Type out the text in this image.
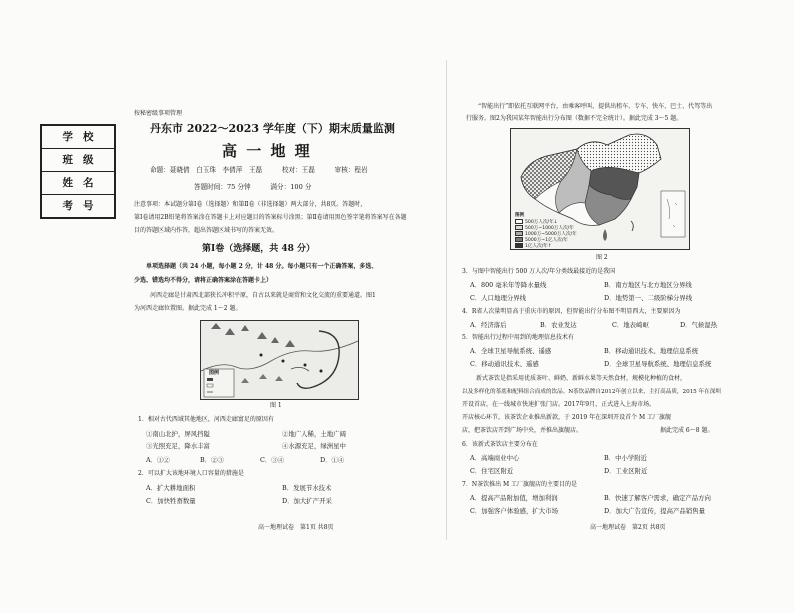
学校
班级
姓名
考号
按秘密级事项管理
丹东市 2022～2023 学年度（下）期末质量监测
高 一 地 理
命题：聂晓倩　白玉珠　李倩萍　王磊　　　校对：王磊　　　审核：程岩
答题时间：75 分钟　　　满分：100 分
注意事项：本试题分第Ⅰ卷（选择题）和第Ⅱ卷（非选择题）两大部分，共8页。答题时，
第Ⅰ卷请用2B铅笔将答案涂在答题卡上对应题目的答案标号涂黑；第Ⅱ卷请用黑色签字笔将答案写在各题
目的答题区域内作答，超出答题区域书写的答案无效。
第Ⅰ卷（选择题，共 48 分）
单项选择题（共 24 小题，每小题 2 分，计 48 分。每小题只有一个正确答案，多选、
少选、错选均不得分，请将正确答案涂在答题卡上）
河西走廊是甘肃西北部狭长冲积平原，自古以来就是商贸和文化交流的重要通道。图1
为河西走廊位置图。据此完成 1～2 题。
图例
图 1
1．相对古代西域其他地区，河西走廊富足的原因有
①南山北护，屏风挡隘	②地广人稀，土地广阔
③光照充足，降水丰富	④水源充足，绿洲星中
A．①②	B．②③	C．③④	D．①④
2．可以扩大该地环境人口容量的措施是
A．扩大耕地面积	B．发展节水技术
C．加快牲畜数量	D．加大扩产开采
高一地理试卷　第1页 共8页
“智能出行”即依托互联网平台，由乘客呼叫、提供出租车、专车、快车、巴士、代驾等出
行服务。图2为我国某年智能出行分布图（数据不完全统计）。据此完成 3～5 题。
图例
500万人次/年↓
500万~1000万人次/年
1000万~5000万人次/年
5000万~1亿人次/年
1亿人次/年↑
图 2
3．与图中智能出行 500 万人次/年分类线最接近的是我国
A．800 毫米年等降水量线	B．南方地区与北方地区分界线
C．人口地理分界线	D．地势第一、二级阶梯分界线
4．R省人次量明显高于重庆市的原因，但智能出行分布图不明显西大，主要原因为
A．经济落后	B．农业发达	C．地表崎岖	D．气候湿热
5．智能出行过程中用到的地理信息技术有
A．全球卫星导航系统、遥感	B．移动通讯技术、地理信息系统
C．移动通讯技术、遥感	D．全球卫星导航系统、地理信息系统
新式茶饮是指采用优质茶叶、鲜奶、新鲜水果等天然食材，规模化种植的食材，
以及多样化的茶底和配料组合而成的饮品。N茶饮品牌自2012年创立以来，主打高品质，2015 年在深圳
开设首店，在一线城市快速扩张门店。2017年9月，正式进入上海市场。
开店核心环节，该茶饮企业推出新款，于 2019 年在深圳开设首个 M 工厂旗舰
店，把茶饮店开到广场中央，并推出旗舰店。	据此完成 6～8 题。
6．该新式茶饮店主要分布在
A．高端商业中心	B．中小学附近
C．住宅区附近	D．工业区附近
7．N茶饮推出 M 工厂旗舰店的主要目的是
A．提高产品附加值，增加利润	B．快速了解客户需求，确定产品方向
C．加强客户体验感，扩大市场	D．加大广告宣传，提高产品销售量
高一地理试卷　第2页 共8页
